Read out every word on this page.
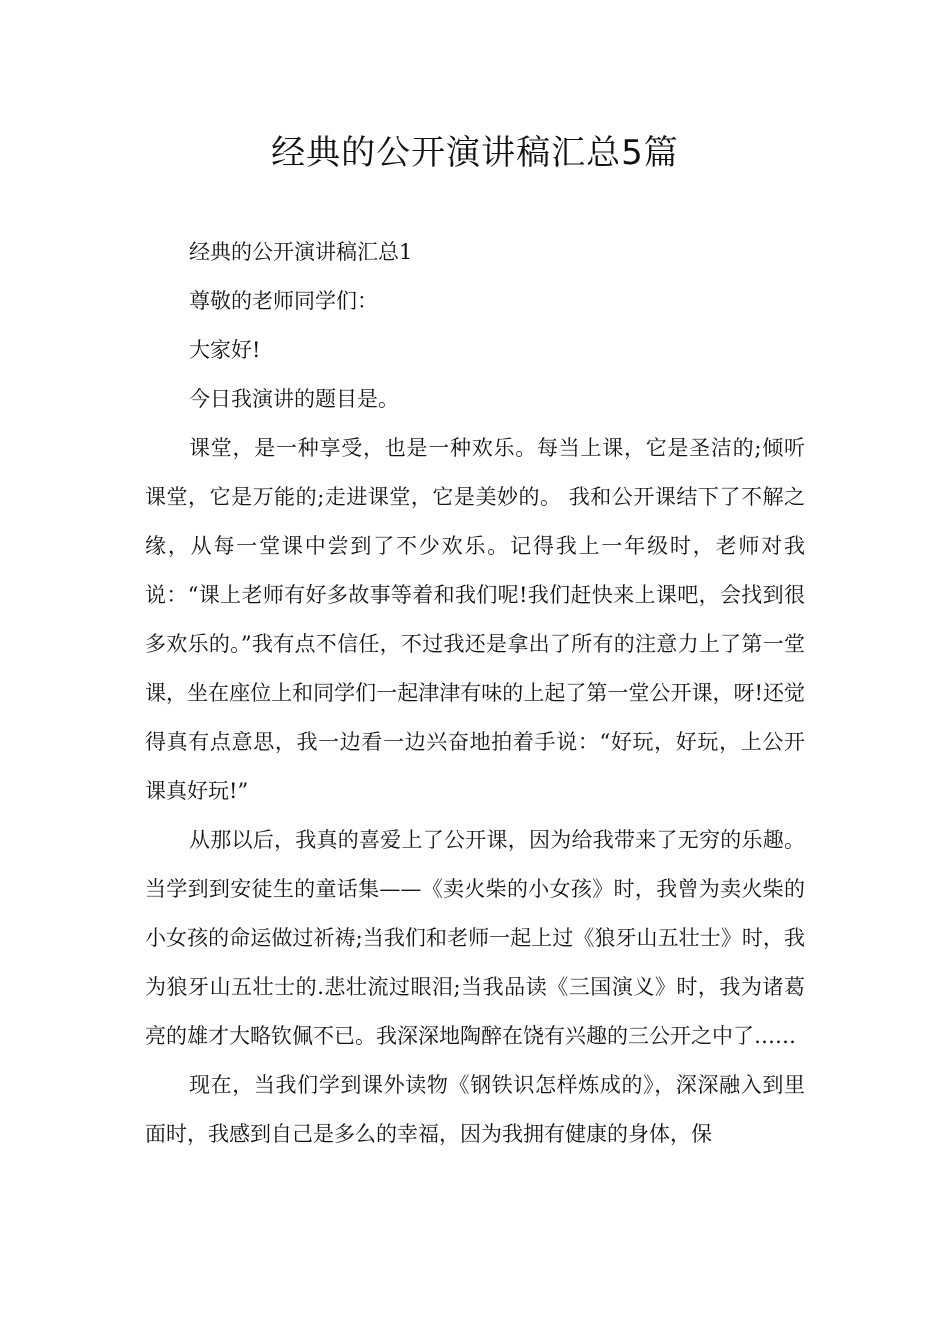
经典的公开演讲稿汇总5篇

经典的公开演讲稿汇总1

尊敬的老师同学们：

大家好!

今日我演讲的题目是。

课堂，是一种享受，也是一种欢乐。每当上课，它是圣洁的;倾听课堂，它是万能的;走进课堂，它是美妙的。 我和公开课结下了不解之缘，从每一堂课中尝到了不少欢乐。记得我上一年级时，老师对我说：“课上老师有好多故事等着和我们呢!我们赶快来上课吧，会找到很多欢乐的。”我有点不信任，不过我还是拿出了所有的注意力上了第一堂课，坐在座位上和同学们一起津津有味的上起了第一堂公开课，呀!还觉得真有点意思，我一边看一边兴奋地拍着手说：“好玩，好玩，上公开课真好玩!”

从那以后，我真的喜爱上了公开课，因为给我带来了无穷的乐趣。当学到到安徒生的童话集——《卖火柴的小女孩》时，我曾为卖火柴的小女孩的命运做过祈祷;当我们和老师一起上过《狼牙山五壮士》时，我为狼牙山五壮士的.悲壮流过眼泪;当我品读《三国演义》时，我为诸葛亮的雄才大略钦佩不已。我深深地陶醉在饶有兴趣的三公开之中了……

现在，当我们学到课外读物《钢铁识怎样炼成的》，深深融入到里面时，我感到自己是多么的幸福，因为我拥有健康的身体，保
